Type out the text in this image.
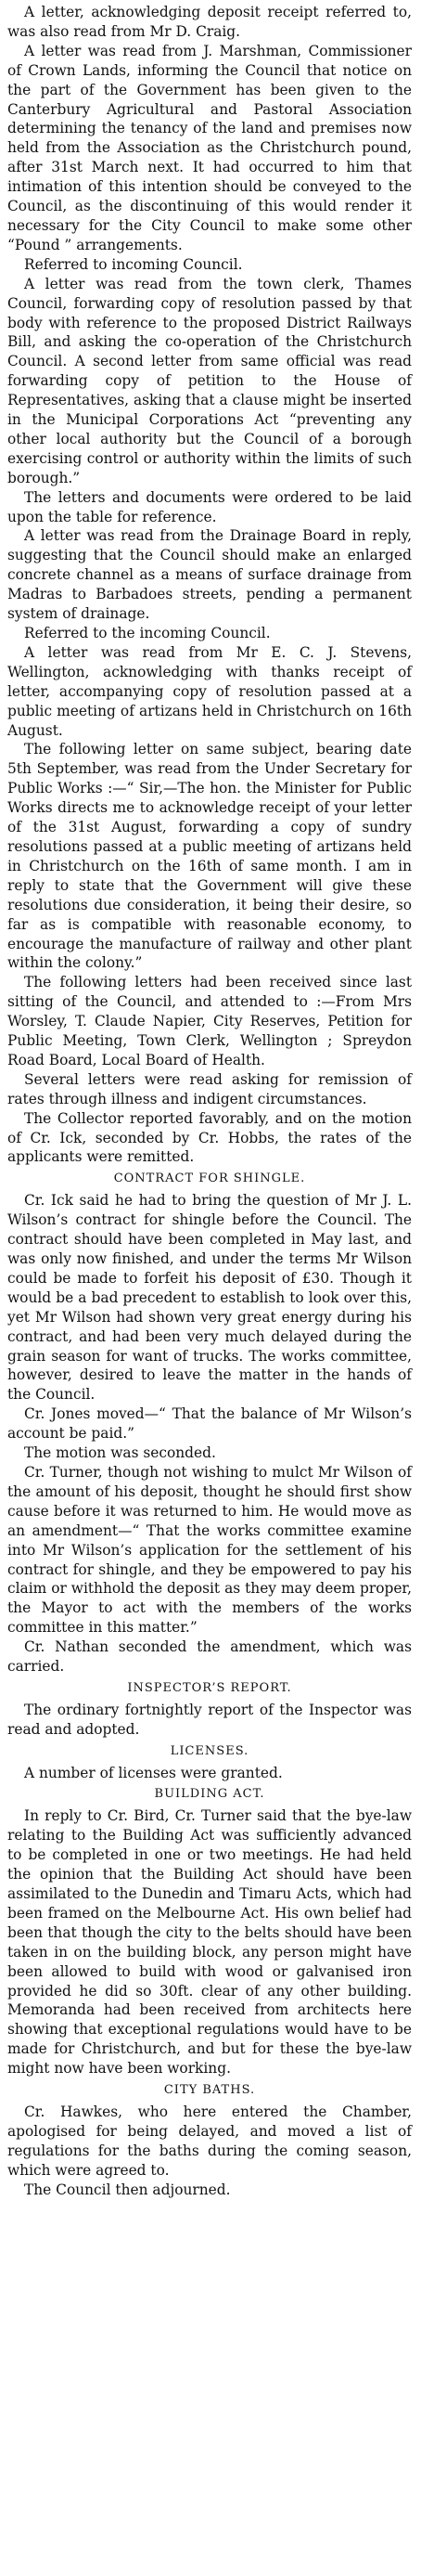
A letter, acknowledging deposit receipt referred to, was also read from Mr D. Craig.

A letter was read from J. Marshman, Commissioner of Crown Lands, informing the Council that notice on the part of the Government has been given to the Canterbury Agricultural and Pastoral Association determining the tenancy of the land and premises now held from the Association as the Christchurch pound, after 31st March next. It had occurred to him that intimation of this intention should be conveyed to the Council, as the discontinuing of this would render it necessary for the City Council to make some other “Pound ” arrangements.

Referred to incoming Council.

A letter was read from the town clerk, Thames Council, forwarding copy of resolution passed by that body with reference to the proposed District Railways Bill, and asking the co-operation of the Christchurch Council. A second letter from same official was read forwarding copy of petition to the House of Representatives, asking that a clause might be inserted in the Municipal Corporations Act “preventing any other local authority but the Council of a borough exercising control or authority within the limits of such borough.”

The letters and documents were ordered to be laid upon the table for reference.

A letter was read from the Drainage Board in reply, suggesting that the Council should make an enlarged concrete channel as a means of surface drainage from Madras to Barbadoes streets, pending a permanent system of drainage.

Referred to the incoming Council.

A letter was read from Mr E. C. J. Stevens, Wellington, acknowledging with thanks receipt of letter, accompanying copy of resolution passed at a public meeting of artizans held in Christchurch on 16th August.

The following letter on same subject, bearing date 5th September, was read from the Under Secretary for Public Works :—“ Sir,—The hon. the Minister for Public Works directs me to acknowledge receipt of your letter of the 31st August, forwarding a copy of sundry resolutions passed at a public meeting of artizans held in Christchurch on the 16th of same month. I am in reply to state that the Government will give these resolutions due consideration, it being their desire, so far as is compatible with reasonable economy, to encourage the manufacture of railway and other plant within the colony.”

The following letters had been received since last sitting of the Council, and attended to :—From Mrs Worsley, T. Claude Napier, City Reserves, Petition for Public Meeting, Town Clerk, Wellington ; Spreydon Road Board, Local Board of Health.

Several letters were read asking for remission of rates through illness and indigent circumstances.

The Collector reported favorably, and on the motion of Cr. Ick, seconded by Cr. Hobbs, the rates of the applicants were remitted.

CONTRACT FOR SHINGLE.

Cr. Ick said he had to bring the question of Mr J. L. Wilson’s contract for shingle before the Council. The contract should have been completed in May last, and was only now finished, and under the terms Mr Wilson could be made to forfeit his deposit of £30. Though it would be a bad precedent to establish to look over this, yet Mr Wilson had shown very great energy during his contract, and had been very much delayed during the grain season for want of trucks. The works committee, however, desired to leave the matter in the hands of the Council.

Cr. Jones moved—“ That the balance of Mr Wilson’s account be paid.”

The motion was seconded.

Cr. Turner, though not wishing to mulct Mr Wilson of the amount of his deposit, thought he should first show cause before it was returned to him. He would move as an amendment—“ That the works committee examine into Mr Wilson’s application for the settlement of his contract for shingle, and they be empowered to pay his claim or withhold the deposit as they may deem proper, the Mayor to act with the members of the works committee in this matter.”

Cr. Nathan seconded the amendment, which was carried.

INSPECTOR’S REPORT.

The ordinary fortnightly report of the Inspector was read and adopted.

LICENSES.

A number of licenses were granted.

BUILDING ACT.

In reply to Cr. Bird, Cr. Turner said that the bye-law relating to the Building Act was sufficiently advanced to be completed in one or two meetings. He had held the opinion that the Building Act should have been assimilated to the Dunedin and Timaru Acts, which had been framed on the Melbourne Act. His own belief had been that though the city to the belts should have been taken in on the building block, any person might have been allowed to build with wood or galvanised iron provided he did so 30ft. clear of any other building. Memoranda had been received from architects here showing that exceptional regulations would have to be made for Christchurch, and but for these the bye-law might now have been working.

CITY BATHS.

Cr. Hawkes, who here entered the Chamber, apologised for being delayed, and moved a list of regulations for the baths during the coming season, which were agreed to.

The Council then adjourned.
